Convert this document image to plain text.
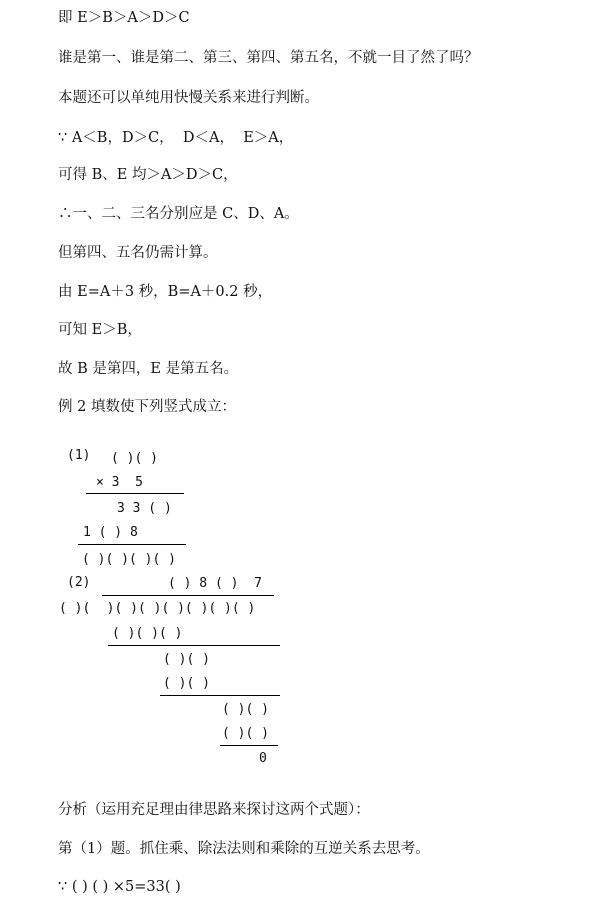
即 E＞B＞A＞D＞C
谁是第一、谁是第二、第三、第四、第五名，不就一目了然了吗？
本题还可以单纯用快慢关系来进行判断。
∵ A＜B，D＞C，  D＜A，  E＞A，
可得 B、E 均＞A＞D＞C，
∴一、二、三名分别应是 C、D、A。
但第四、五名仍需计算。
由 E=A＋3 秒，B=A＋0.2 秒，
可知 E＞B，
故 B 是第四，E 是第五名。
例 2 填数使下列竖式成立：
(1) ( )( )
× 3  5
3 3 ( )
1 ( ) 8
( )( )( )( )
(2)	( ) 8 ( )  7
( )( )( )( )( )( )( )( )
( )( )( )
( )( )
( )( )
( )( )
( )( )
0
分析（运用充足理由律思路来探讨这两个式题）：
第（1）题。抓住乘、除法法则和乘除的互逆关系去思考。
∵ ( ) ( ) ×5=33( )
